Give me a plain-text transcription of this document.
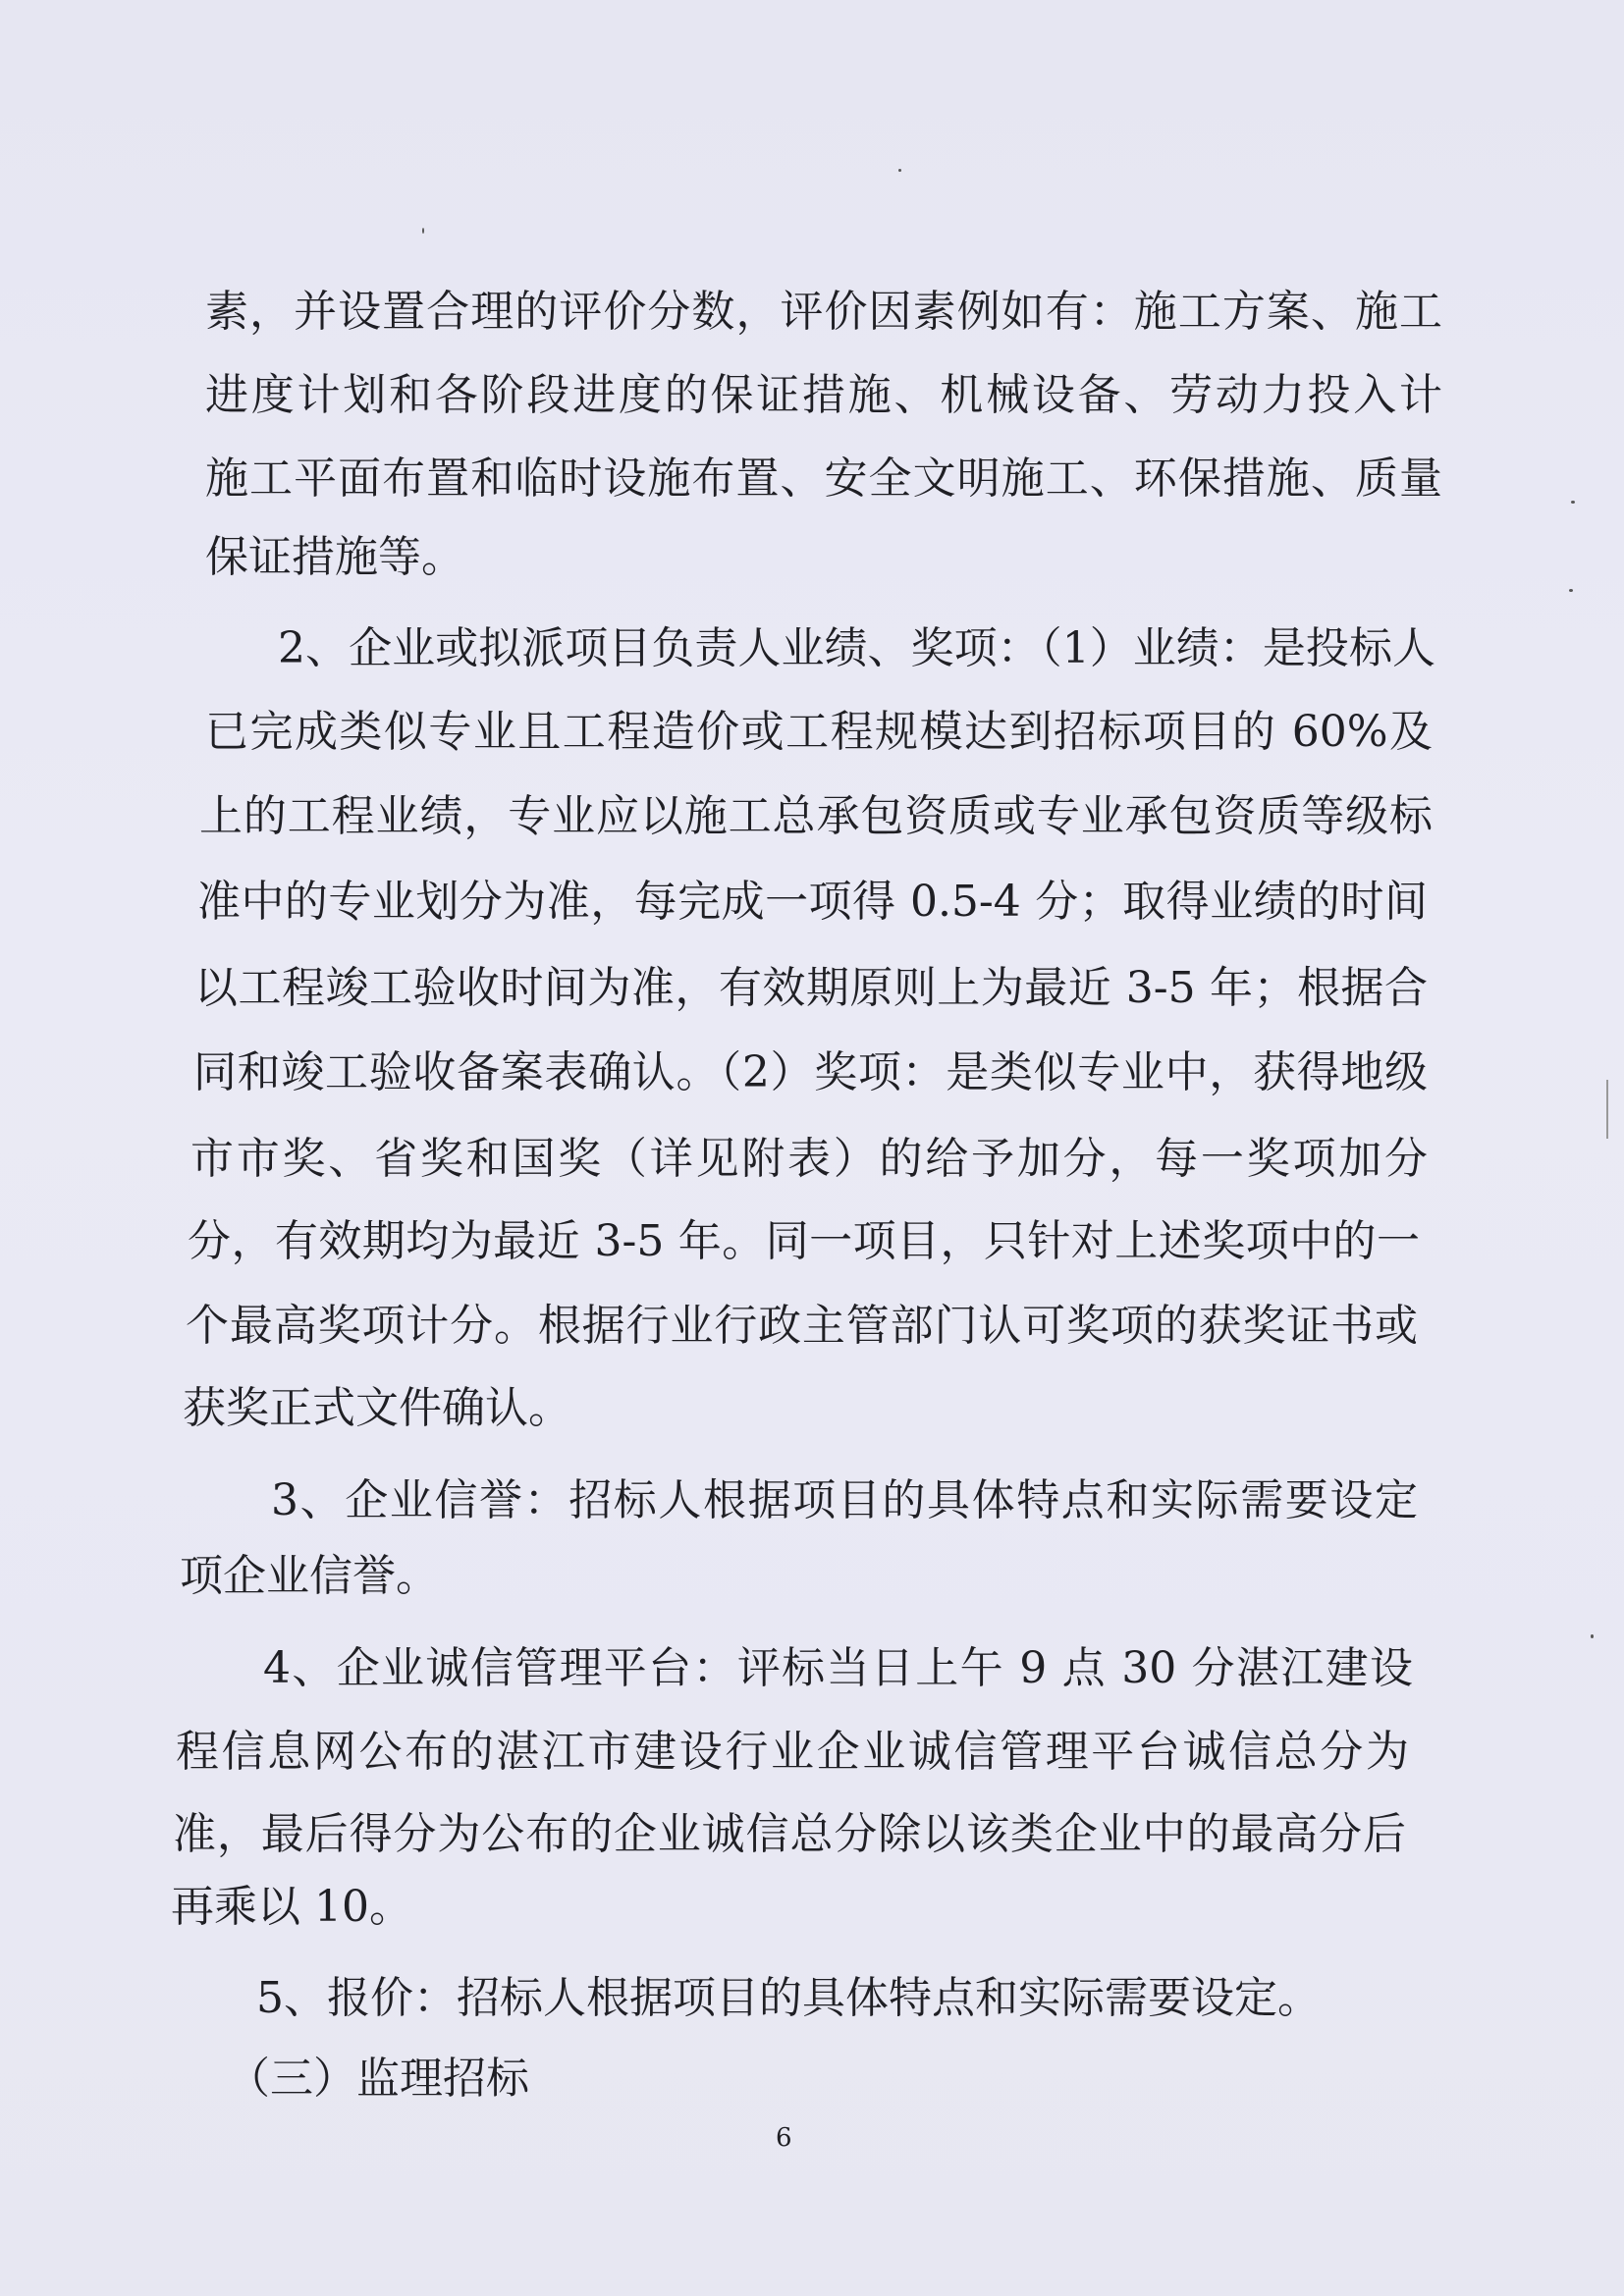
素，并设置合理的评价分数，评价因素例如有：施工方案、施工
进度计划和各阶段进度的保证措施、机械设备、劳动力投入计
施工平面布置和临时设施布置、安全文明施工、环保措施、质量
保证措施等。
2、企业或拟派项目负责人业绩、奖项：（1）业绩：是投标人
已完成类似专业且工程造价或工程规模达到招标项目的 60%及
上的工程业绩，专业应以施工总承包资质或专业承包资质等级标
准中的专业划分为准，每完成一项得 0.5-4 分；取得业绩的时间
以工程竣工验收时间为准，有效期原则上为最近 3-5 年；根据合
同和竣工验收备案表确认。（2）奖项：是类似专业中，获得地级
市市奖、省奖和国奖（详见附表）的给予加分，每一奖项加分
分，有效期均为最近 3-5 年。同一项目，只针对上述奖项中的一
个最高奖项计分。根据行业行政主管部门认可奖项的获奖证书或
获奖正式文件确认。
3、企业信誉：招标人根据项目的具体特点和实际需要设定
项企业信誉。
4、企业诚信管理平台：评标当日上午 9 点 30 分湛江建设
程信息网公布的湛江市建设行业企业诚信管理平台诚信总分为
准，最后得分为公布的企业诚信总分除以该类企业中的最高分后
再乘以 10。
5、报价：招标人根据项目的具体特点和实际需要设定。
（三）监理招标
6
